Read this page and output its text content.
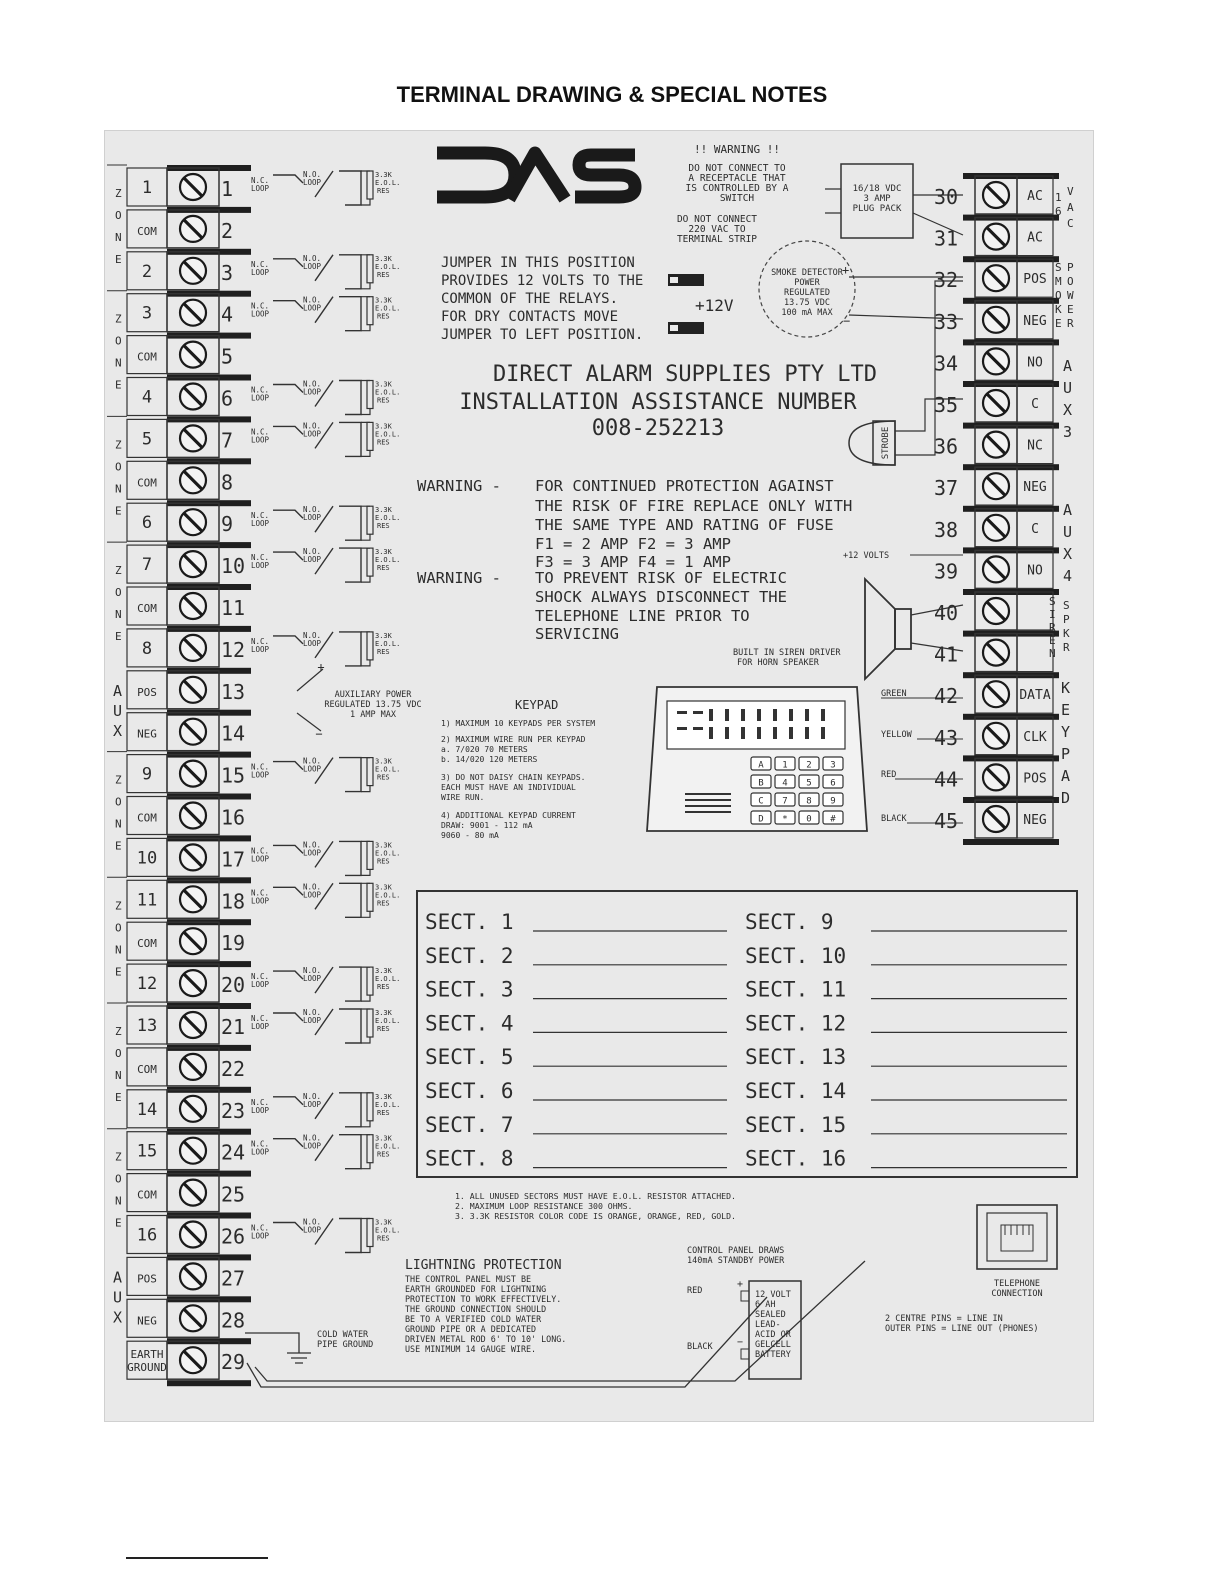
TERMINAL DRAWING & SPECIAL NOTES
!! WARNING !!
DO NOT CONNECT TO
A RECEPTACLE THAT
IS CONTROLLED BY A
SWITCH
DO NOT CONNECT
220 VAC TO
TERMINAL STRIP
16/18 VDC
3 AMP
PLUG PACK
JUMPER IN THIS POSITION
PROVIDES 12 VOLTS TO THE
COMMON OF THE RELAYS.
FOR DRY CONTACTS MOVE
JUMPER TO LEFT POSITION.
+12V
SMOKE DETECTOR
POWER
REGULATED
13.75 VDC
100 mA MAX
+
−
DIRECT ALARM SUPPLIES PTY LTD
INSTALLATION ASSISTANCE NUMBER
008-252213
WARNING - FOR CONTINUED PROTECTION AGAINST
THE RISK OF FIRE REPLACE ONLY WITH
THE SAME TYPE AND RATING OF FUSE
F1 = 2 AMP F2 = 3 AMP
F3 = 3 AMP F4 = 1 AMP
WARNING - TO PREVENT RISK OF ELECTRIC
SHOCK ALWAYS DISCONNECT THE
TELEPHONE LINE PRIOR TO
SERVICING
STROBE
+12 VOLTS
BUILT IN SIREN DRIVER
FOR HORN SPEAKER
AUXILIARY POWER
REGULATED 13.75 VDC
1 AMP MAX
+
−
KEYPAD
1) MAXIMUM 10 KEYPADS PER SYSTEM
2) MAXIMUM WIRE RUN PER KEYPAD
a. 7/020 70 METERS
b. 14/020 120 METERS
3) DO NOT DAISY CHAIN KEYPADS.
EACH MUST HAVE AN INDIVIDUAL
WIRE RUN.
4) ADDITIONAL KEYPAD CURRENT
DRAW: 9001 - 112 mA
9060 - 80 mA
A 1 2 3
B 4 5 6
C 7 8 9
D * 0 #
GREEN
YELLOW
RED
BLACK
SECT. 1
SECT. 2
SECT. 3
SECT. 4
SECT. 5
SECT. 6
SECT. 7
SECT. 8
SECT. 9
SECT. 10
SECT. 11
SECT. 12
SECT. 13
SECT. 14
SECT. 15
SECT. 16
1. ALL UNUSED SECTORS MUST HAVE E.O.L. RESISTOR ATTACHED.
2. MAXIMUM LOOP RESISTANCE 300 OHMS.
3. 3.3K RESISTOR COLOR CODE IS ORANGE, ORANGE, RED, GOLD.
LIGHTNING PROTECTION
THE CONTROL PANEL MUST BE
EARTH GROUNDED FOR LIGHTNING
PROTECTION TO WORK EFFECTIVELY.
THE GROUND CONNECTION SHOULD
BE TO A VERIFIED COLD WATER
GROUND PIPE OR A DEDICATED
DRIVEN METAL ROD 6' TO 10' LONG.
USE MINIMUM 14 GAUGE WIRE.
COLD WATER
PIPE GROUND
CONTROL PANEL DRAWS
140mA STANDBY POWER
12 VOLT
6 AH
SEALED
LEAD-
ACID OR
GELCELL
BATTERY
RED
BLACK
+
−
TELEPHONE
CONNECTION
2 CENTRE PINS = LINE IN
OUTER PINS = LINE OUT (PHONES)
1	1
COM	2
2	3
3	4
COM	5
4	6
5	7
COM	8
6	9
7	10
COM	11
8	12
POS	13
NEG	14
9	15
COM	16
10	17
11	18
COM	19
12	20
13	21
COM	22
14	23
15	24
COM	25
16	26
POS	27
NEG	28
EARTH
GROUND	29
N.C.
LOOP
N.O.
LOOP
3.3K
E.O.L.
RES
N.C.
LOOP
N.O.
LOOP
3.3K
E.O.L.
RES
N.C.
LOOP
N.O.
LOOP
3.3K
E.O.L.
RES
N.C.
LOOP
N.O.
LOOP
3.3K
E.O.L.
RES
N.C.
LOOP
N.O.
LOOP
3.3K
E.O.L.
RES
N.C.
LOOP
N.O.
LOOP
3.3K
E.O.L.
RES
N.C.
LOOP
N.O.
LOOP
3.3K
E.O.L.
RES
N.C.
LOOP
N.O.
LOOP
3.3K
E.O.L.
RES
N.C.
LOOP
N.O.
LOOP
3.3K
E.O.L.
RES
N.C.
LOOP
N.O.
LOOP
3.3K
E.O.L.
RES
N.C.
LOOP
N.O.
LOOP
3.3K
E.O.L.
RES
N.C.
LOOP
N.O.
LOOP
3.3K
E.O.L.
RES
N.C.
LOOP
N.O.
LOOP
3.3K
E.O.L.
RES
N.C.
LOOP
N.O.
LOOP
3.3K
E.O.L.
RES
N.C.
LOOP
N.O.
LOOP
3.3K
E.O.L.
RES
N.C.
LOOP
N.O.
LOOP
3.3K
E.O.L.
RES
Z
O
N
E
Z
O
N
E
Z
O
N
E
Z
O
N
E
Z
O
N
E
Z
O
N
E
Z
O
N
E
Z
O
N
E
A
U
X
A
U
X
30	AC
31	AC
32	POS
33	NEG
34	NO
35	C
36	NC
37	NEG
38	C
39	NO
40
41
42	DATA
43	CLK
44	POS
45	NEG
1
6
V
A
C
S
M
O
K
E
P
O
W
E
R
A
U
X
3
A
U
X
4
S
I
R
E
N
S
P
K
R
K
E
Y
P
A
D
